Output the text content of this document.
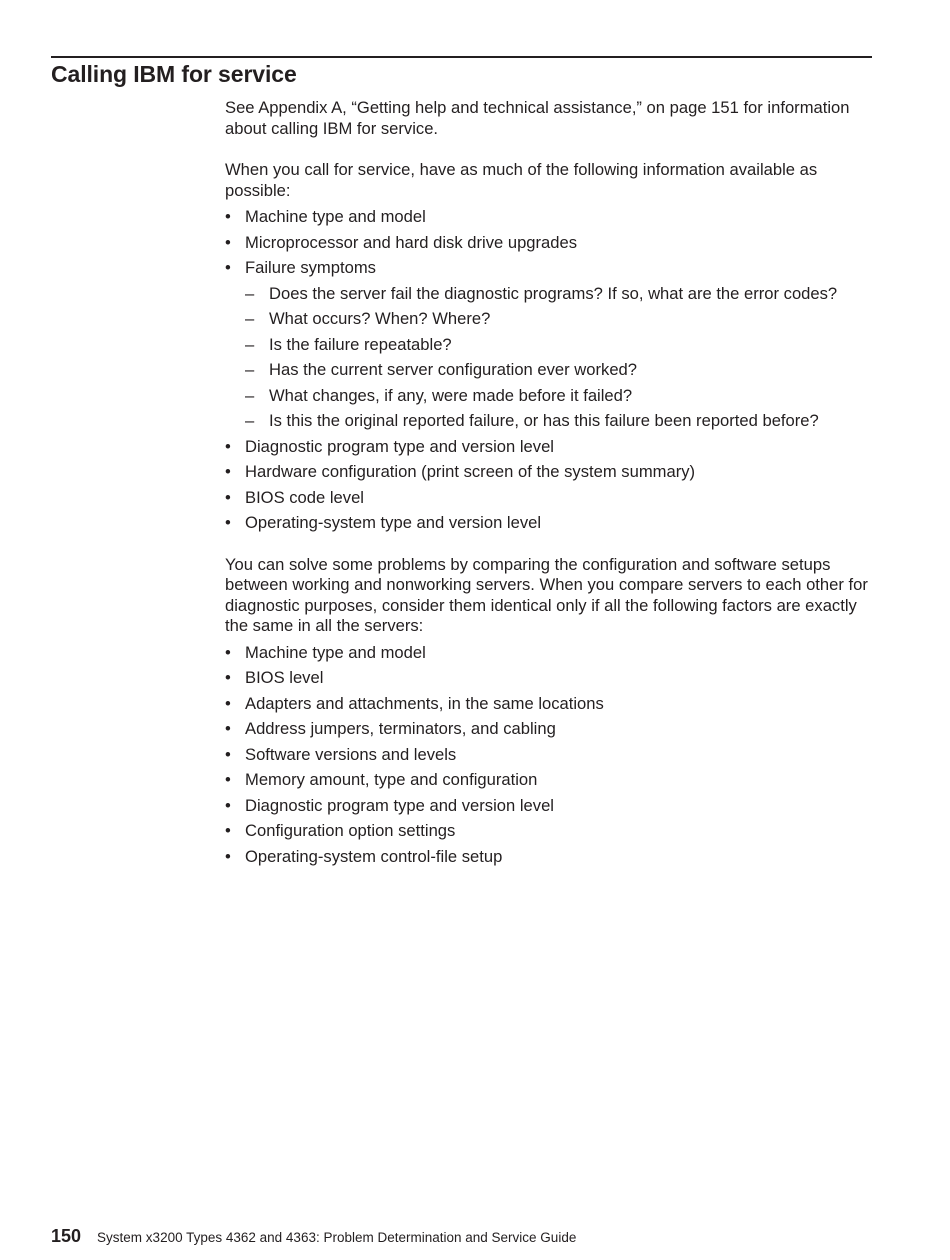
Calling IBM for service

See Appendix A, “Getting help and technical assistance,” on page 151 for information about calling IBM for service.

When you call for service, have as much of the following information available as possible:

• Machine type and model
• Microprocessor and hard disk drive upgrades
• Failure symptoms
– Does the server fail the diagnostic programs? If so, what are the error codes?
– What occurs? When? Where?
– Is the failure repeatable?
– Has the current server configuration ever worked?
– What changes, if any, were made before it failed?
– Is this the original reported failure, or has this failure been reported before?
• Diagnostic program type and version level
• Hardware configuration (print screen of the system summary)
• BIOS code level
• Operating-system type and version level

You can solve some problems by comparing the configuration and software setups between working and nonworking servers. When you compare servers to each other for diagnostic purposes, consider them identical only if all the following factors are exactly the same in all the servers:

• Machine type and model
• BIOS level
• Adapters and attachments, in the same locations
• Address jumpers, terminators, and cabling
• Software versions and levels
• Memory amount, type and configuration
• Diagnostic program type and version level
• Configuration option settings
• Operating-system control-file setup
150 System x3200 Types 4362 and 4363: Problem Determination and Service Guide
